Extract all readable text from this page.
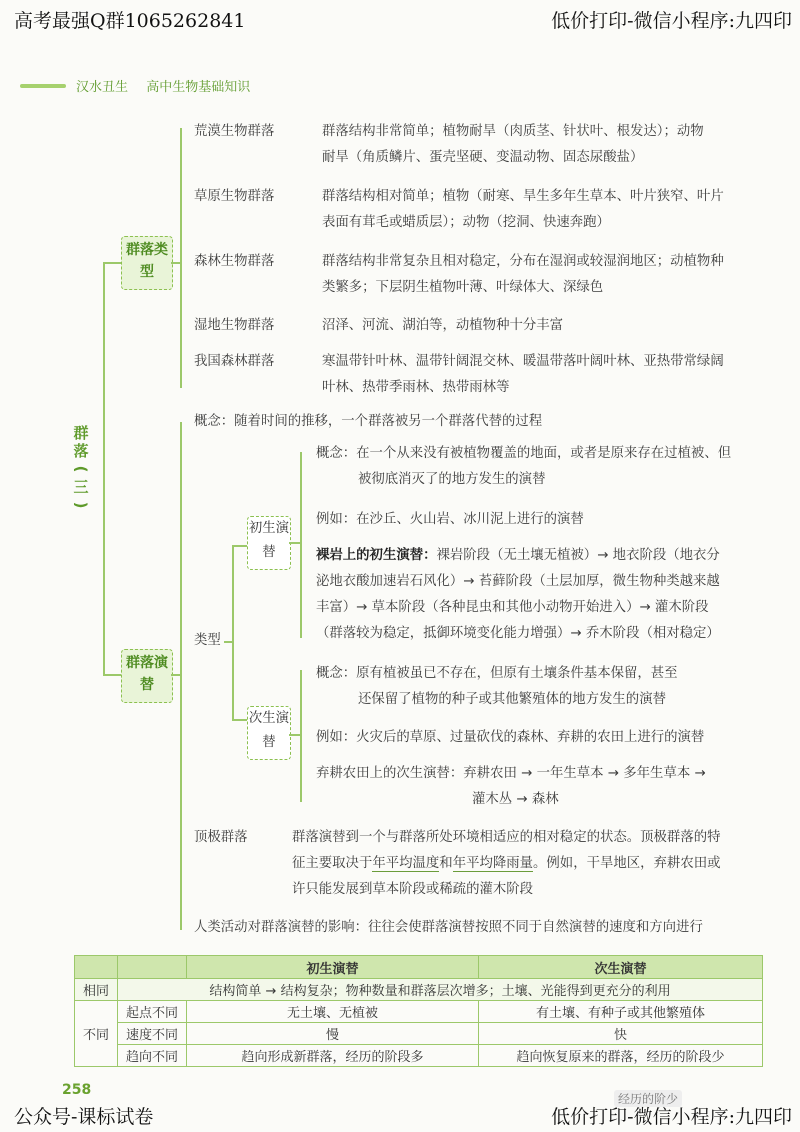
高考最强Q群1065262841	低价打印-微信小程序:九四印
汉水丑生 高中生物基础知识
群
落
(
三
)
群落类型
荒漠生物群落	群落结构非常简单；植物耐旱（肉质茎、针状叶、根发达）；动物
耐旱（角质鳞片、蛋壳坚硬、变温动物、固态尿酸盐）
草原生物群落	群落结构相对简单；植物（耐寒、旱生多年生草本、叶片狭窄、叶片
表面有茸毛或蜡质层）；动物（挖洞、快速奔跑）
森林生物群落	群落结构非常复杂且相对稳定，分布在湿润或较湿润地区；动植物种
类繁多；下层阴生植物叶薄、叶绿体大、深绿色
湿地生物群落	沼泽、河流、湖泊等，动植物种十分丰富
我国森林群落	寒温带针叶林、温带针阔混交林、暖温带落叶阔叶林、亚热带常绿阔
叶林、热带季雨林、热带雨林等
群落演替
概念：随着时间的推移，一个群落被另一个群落代替的过程
类型
初生演替
概念：在一个从来没有被植物覆盖的地面，或者是原来存在过植被、但
被彻底消灭了的地方发生的演替
例如：在沙丘、火山岩、冰川泥上进行的演替
裸岩上的初生演替：裸岩阶段（无土壤无植被）→ 地衣阶段（地衣分
泌地衣酸加速岩石风化）→ 苔藓阶段（土层加厚，微生物种类越来越
丰富）→ 草本阶段（各种昆虫和其他小动物开始进入）→ 灌木阶段
（群落较为稳定，抵御环境变化能力增强）→ 乔木阶段（相对稳定）
次生演替
概念：原有植被虽已不存在，但原有土壤条件基本保留，甚至
还保留了植物的种子或其他繁殖体的地方发生的演替
例如：火灾后的草原、过量砍伐的森林、弃耕的农田上进行的演替
弃耕农田上的次生演替：弃耕农田 → 一年生草本 → 多年生草本 →
灌木丛 → 森林
顶极群落	群落演替到一个与群落所处环境相适应的相对稳定的状态。顶极群落的特
征主要取决于年平均温度和年平均降雨量。例如，干旱地区，弃耕农田或
许只能发展到草本阶段或稀疏的灌木阶段
人类活动对群落演替的影响：往往会使群落演替按照不同于自然演替的速度和方向进行
		初生演替	次生演替
相同	结构简单 → 结构复杂；物种数量和群落层次增多；土壤、光能得到更充分的利用		
不同	起点不同	无土壤、无植被	有土壤、有种子或其他繁殖体
	速度不同	慢	快
	趋向不同	趋向形成新群落，经历的阶段多	趋向恢复原来的群落，经历的阶段少
258
经历的阶少
公众号-课标试卷	低价打印-微信小程序:九四印
